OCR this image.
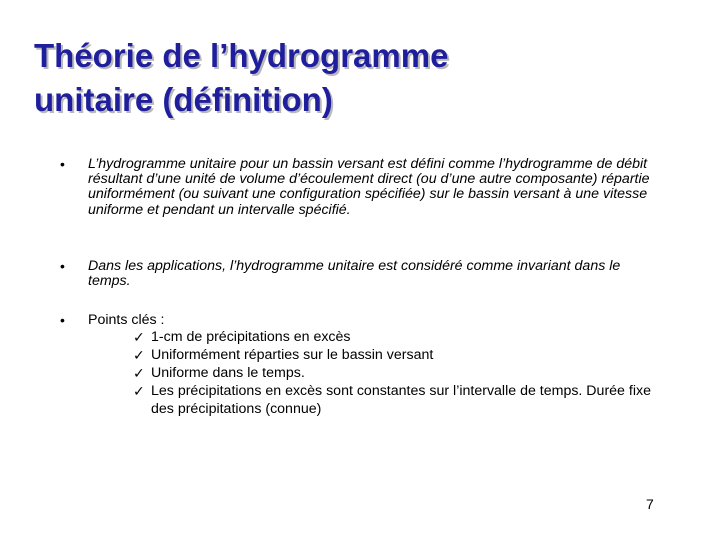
Théorie de l’hydrogramme
unitaire (définition)
• L’hydrogramme unitaire pour un bassin versant est défini comme l’hydrogramme de débit résultant d’une unité de volume d’écoulement direct (ou d’une autre composante) répartie uniformément (ou suivant une configuration spécifiée) sur le bassin versant à une vitesse uniforme et pendant un intervalle spécifié.
• Dans les applications, l’hydrogramme unitaire est considéré comme invariant dans le temps.
• Points clés :
✓ 1-cm de précipitations en excès
✓ Uniformément réparties sur le bassin versant
✓ Uniforme dans le temps.
✓ Les précipitations en excès sont constantes sur l’intervalle de temps. Durée fixe des précipitations (connue)
7
